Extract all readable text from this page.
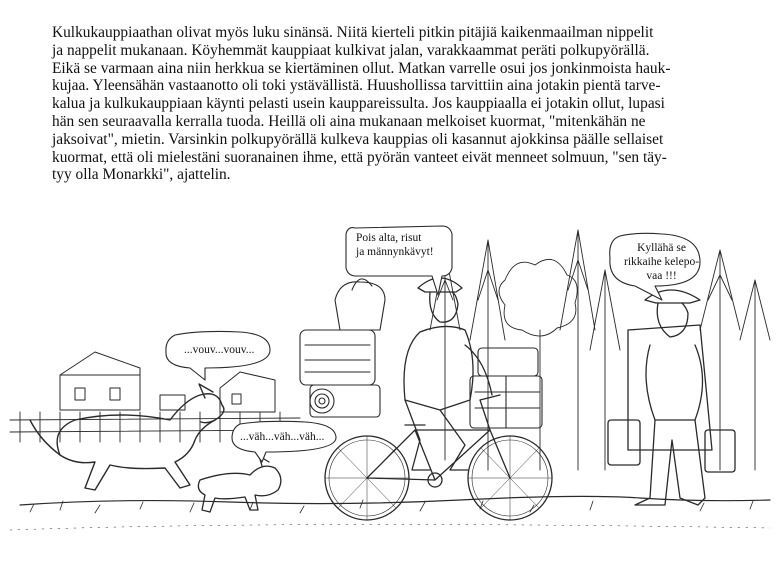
Kulkukauppiaathan olivat myös luku sinänsä. Niitä kierteli pitkin pitäjiä kaikenmaailman nippelit
ja nappelit mukanaan. Köyhemmät kauppiaat kulkivat jalan, varakkaammat peräti polkupyörällä.
Eikä se varmaan aina niin herkkua se kiertäminen ollut. Matkan varrelle osui jos jonkinmoista hauk-
kujaa. Yleensähän vastaanotto oli toki ystävällistä. Huushollissa tarvittiin aina jotakin pientä tarve-
kalua ja kulkukauppiaan käynti pelasti usein kauppareissulta. Jos kauppiaalla ei jotakin ollut, lupasi
hän sen seuraavalla kerralla tuoda. Heillä oli aina mukanaan melkoiset kuormat, "mitenkähän ne
jaksoivat", mietin. Varsinkin polkupyörällä kulkeva kauppias oli kasannut ajokkinsa päälle sellaiset
kuormat, että oli mielestäni suoranainen ihme, että pyörän vanteet eivät menneet solmuun, "sen täy-
tyy olla Monarkki", ajattelin.
Pois alta, risut
ja männynkävyt!	Kyllähä se
rikkaihe kelepo-
vaa !!!
...vouv...vouv...
...väh...väh...väh...
